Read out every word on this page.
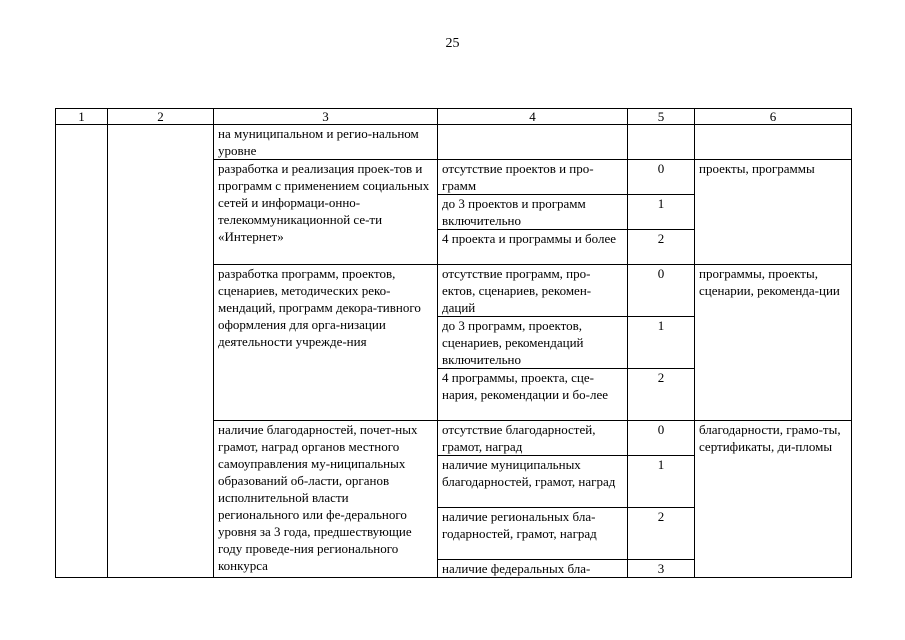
25
1	2	3	4	5	6
		на муниципальном и регио-нальном уровне			
		разработка и реализация проек-тов и программ с применением социальных сетей и информаци-онно-телекоммуникационной се-ти «Интернет»	отсутствие проектов и про-грамм	0	проекты, программы
			до 3 проектов и программ включительно	1	
			4 проекта и программы и более	2	
		разработка программ, проектов, сценариев, методических реко-мендаций, программ декора-тивного оформления для орга-низации деятельности учрежде-ния	отсутствие программ, про-ектов, сценариев, рекомен-даций	0	программы, проекты, сценарии, рекоменда-ции
			до 3 программ, проектов, сценариев, рекомендаций включительно	1	
			4 программы, проекта, сце-нария, рекомендации и бо-лее	2	
		наличие благодарностей, почет-ных грамот, наград органов местного самоуправления му-ниципальных образований об-ласти, органов исполнительной власти регионального или фе-дерального уровня за 3 года, предшествующие году проведе-ния регионального конкурса	отсутствие благодарностей, грамот, наград	0	благодарности, грамо-ты, сертификаты, ди-пломы
			наличие муниципальных благодарностей, грамот, наград	1	
			наличие региональных бла-годарностей, грамот, наград	2	
			наличие федеральных бла-	3	
